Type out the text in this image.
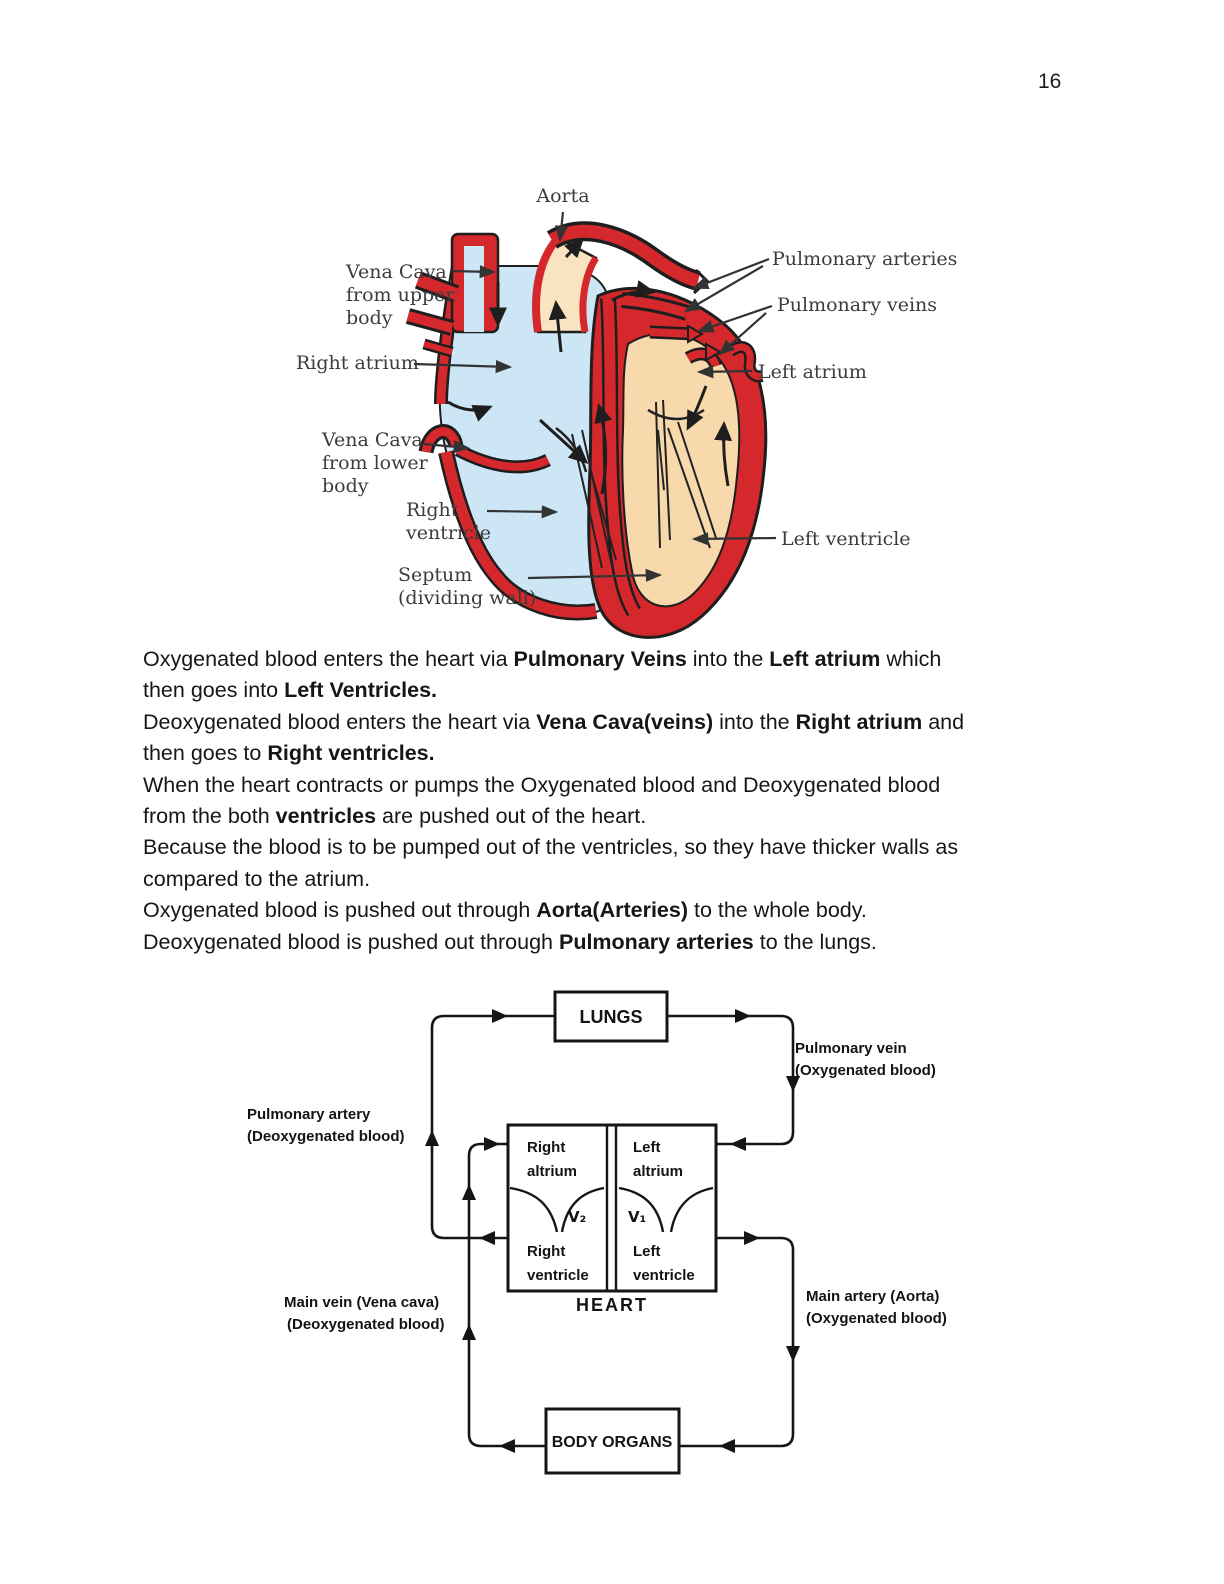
16
Aorta
Vena Cava
from upper
body
Right atrium
Vena Cava
from lower
body
Right
ventricle
Septum
(dividing wall)
Pulmonary arteries
Pulmonary veins
Left atrium
Left ventricle
Oxygenated blood enters the heart via Pulmonary Veins into the Left atrium which
then goes into Left Ventricles.
Deoxygenated blood enters the heart via Vena Cava(veins) into the Right atrium and
then goes to Right ventricles.
When the heart contracts or pumps the Oxygenated blood and Deoxygenated blood
from the both ventricles are pushed out of the heart.
Because the blood is to be pumped out of the ventricles, so they have thicker walls as
compared to the atrium.
Oxygenated blood is pushed out through Aorta(Arteries) to the whole body.
Deoxygenated blood is pushed out through Pulmonary arteries to the lungs.
LUNGS
Right
altrium
Left
altrium
V₂	V₁
Right
ventricle
Left
ventricle
HEART
BODY ORGANS
Pulmonary vein
(Oxygenated blood)
Pulmonary artery
(Deoxygenated blood)
Main vein (Vena cava)
(Deoxygenated blood)
Main artery (Aorta)
(Oxygenated blood)
